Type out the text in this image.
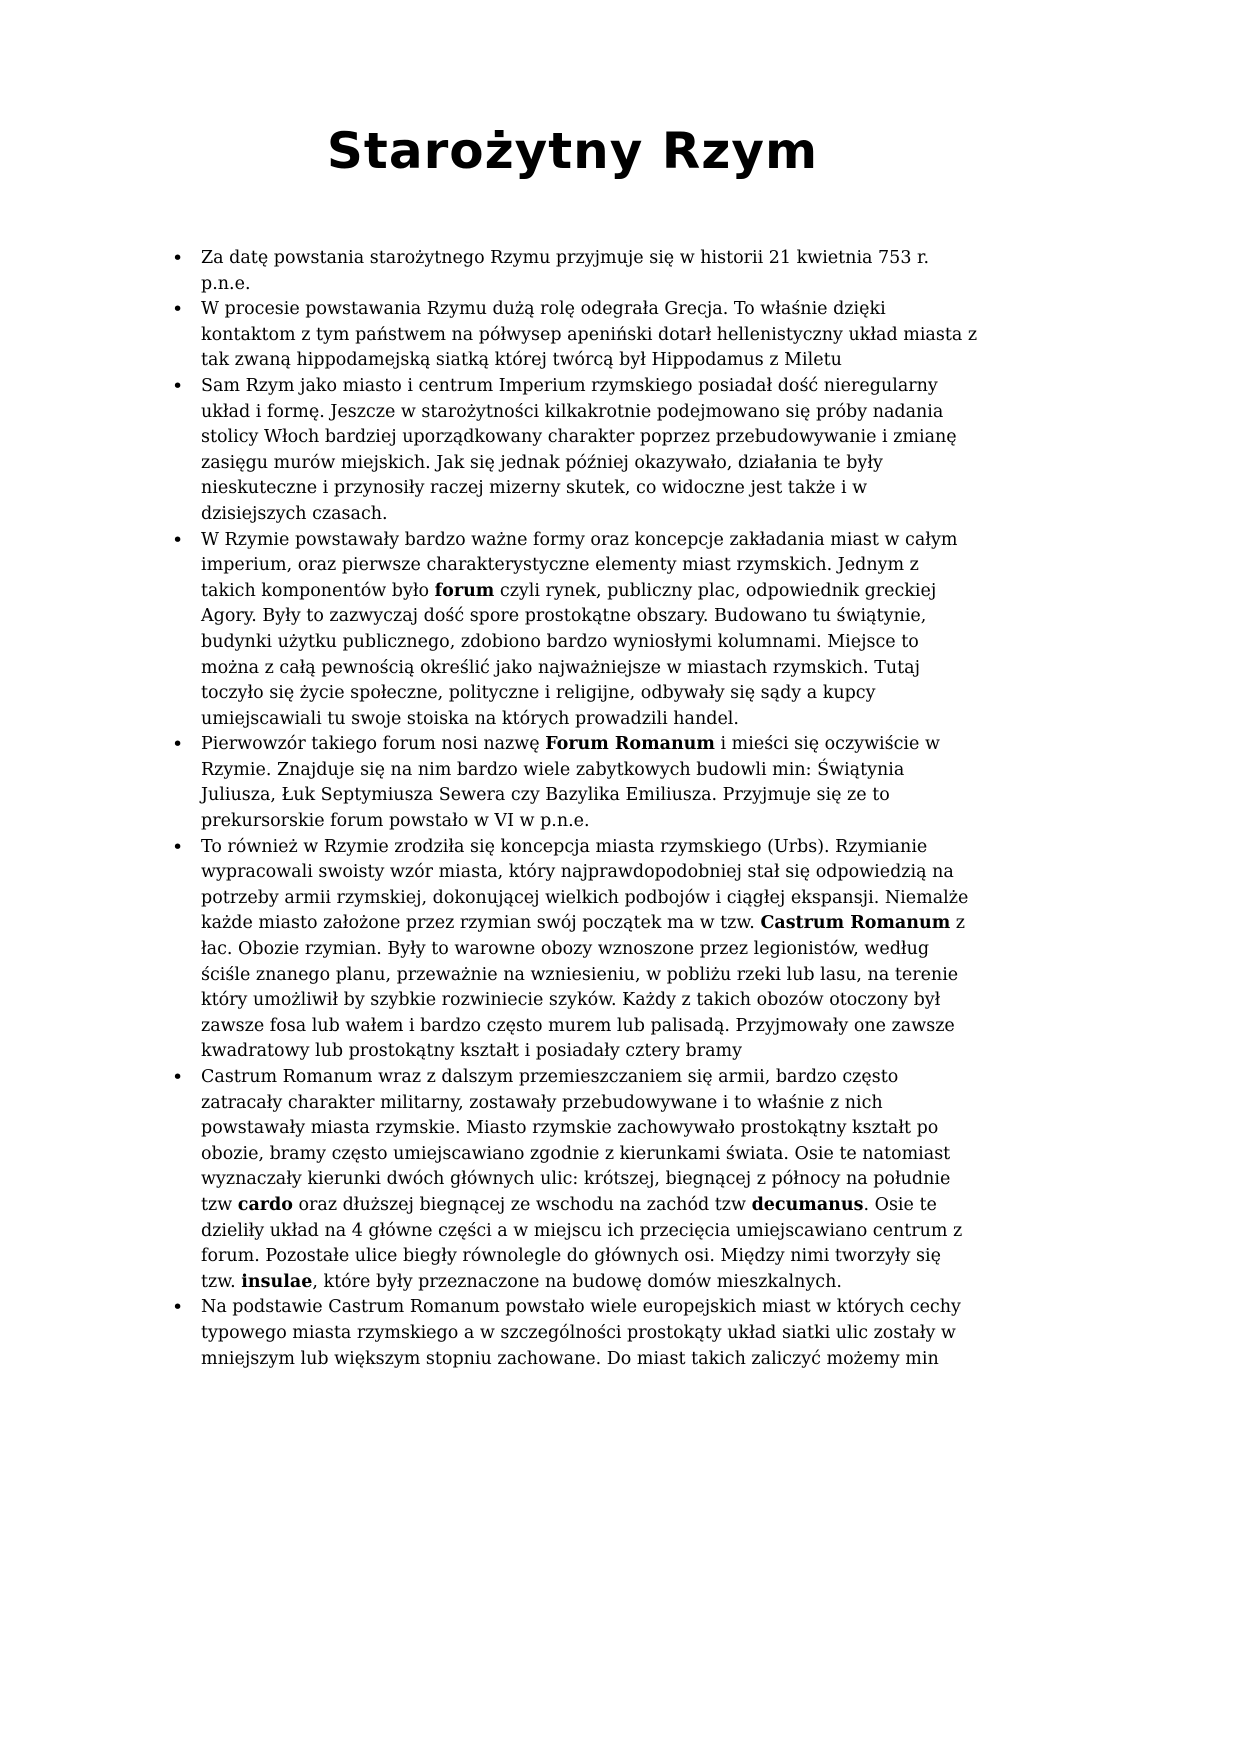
Starożytny Rzym
• Za datę powstania starożytnego Rzymu przyjmuje się w historii 21 kwietnia 753 r. p.n.e.
• W procesie powstawania Rzymu dużą rolę odegrała Grecja. To właśnie dzięki kontaktom z tym państwem na półwysep apeniński dotarł hellenistyczny układ miasta z tak zwaną hippodamejską siatką której twórcą był Hippodamus z Miletu
• Sam Rzym jako miasto i centrum Imperium rzymskiego posiadał dość nieregularny układ i formę. Jeszcze w starożytności kilkakrotnie podejmowano się próby nadania stolicy Włoch bardziej uporządkowany charakter poprzez przebudowywanie i zmianę zasięgu murów miejskich. Jak się jednak później okazywało, działania te były nieskuteczne i przynosiły raczej mizerny skutek, co widoczne jest także i w dzisiejszych czasach.
• W Rzymie powstawały bardzo ważne formy oraz koncepcje zakładania miast w całym imperium, oraz pierwsze charakterystyczne elementy miast rzymskich. Jednym z takich komponentów było forum czyli rynek, publiczny plac, odpowiednik greckiej Agory. Były to zazwyczaj dość spore prostokątne obszary. Budowano tu świątynie, budynki użytku publicznego, zdobiono bardzo wyniosłymi kolumnami. Miejsce to można z całą pewnością określić jako najważniejsze w miastach rzymskich. Tutaj toczyło się życie społeczne, polityczne i religijne, odbywały się sądy a kupcy umiejscawiali tu swoje stoiska na których prowadzili handel.
• Pierwowzór takiego forum nosi nazwę Forum Romanum i mieści się oczywiście w Rzymie. Znajduje się na nim bardzo wiele zabytkowych budowli min: Świątynia Juliusza, Łuk Septymiusza Sewera czy Bazylika Emiliusza. Przyjmuje się ze to prekursorskie forum powstało w VI w p.n.e.
• To również w Rzymie zrodziła się koncepcja miasta rzymskiego (Urbs). Rzymianie wypracowali swoisty wzór miasta, który najprawdopodobniej stał się odpowiedzią na potrzeby armii rzymskiej, dokonującej wielkich podbojów i ciągłej ekspansji. Niemalże każde miasto założone przez rzymian swój początek ma w tzw. Castrum Romanum z łac. Obozie rzymian. Były to warowne obozy wznoszone przez legionistów, według ściśle znanego planu, przeważnie na wzniesieniu, w pobliżu rzeki lub lasu, na terenie który umożliwił by szybkie rozwiniecie szyków. Każdy z takich obozów otoczony był zawsze fosa lub wałem i bardzo często murem lub palisadą. Przyjmowały one zawsze kwadratowy lub prostokątny kształt i posiadały cztery bramy
• Castrum Romanum wraz z dalszym przemieszczaniem się armii, bardzo często zatracały charakter militarny, zostawały przebudowywane i to właśnie z nich powstawały miasta rzymskie. Miasto rzymskie zachowywało prostokątny kształt po obozie, bramy często umiejscawiano zgodnie z kierunkami świata. Osie te natomiast wyznaczały kierunki dwóch głównych ulic: krótszej, biegnącej z północy na południe tzw cardo oraz dłuższej biegnącej ze wschodu na zachód tzw decumanus. Osie te dzieliły układ na 4 główne części a w miejscu ich przecięcia umiejscawiano centrum z forum. Pozostałe ulice biegły równolegle do głównych osi. Między nimi tworzyły się tzw. insulae, które były przeznaczone na budowę domów mieszkalnych.
• Na podstawie Castrum Romanum powstało wiele europejskich miast w których cechy typowego miasta rzymskiego a w szczególności prostokąty układ siatki ulic zostały w mniejszym lub większym stopniu zachowane. Do miast takich zaliczyć możemy min
